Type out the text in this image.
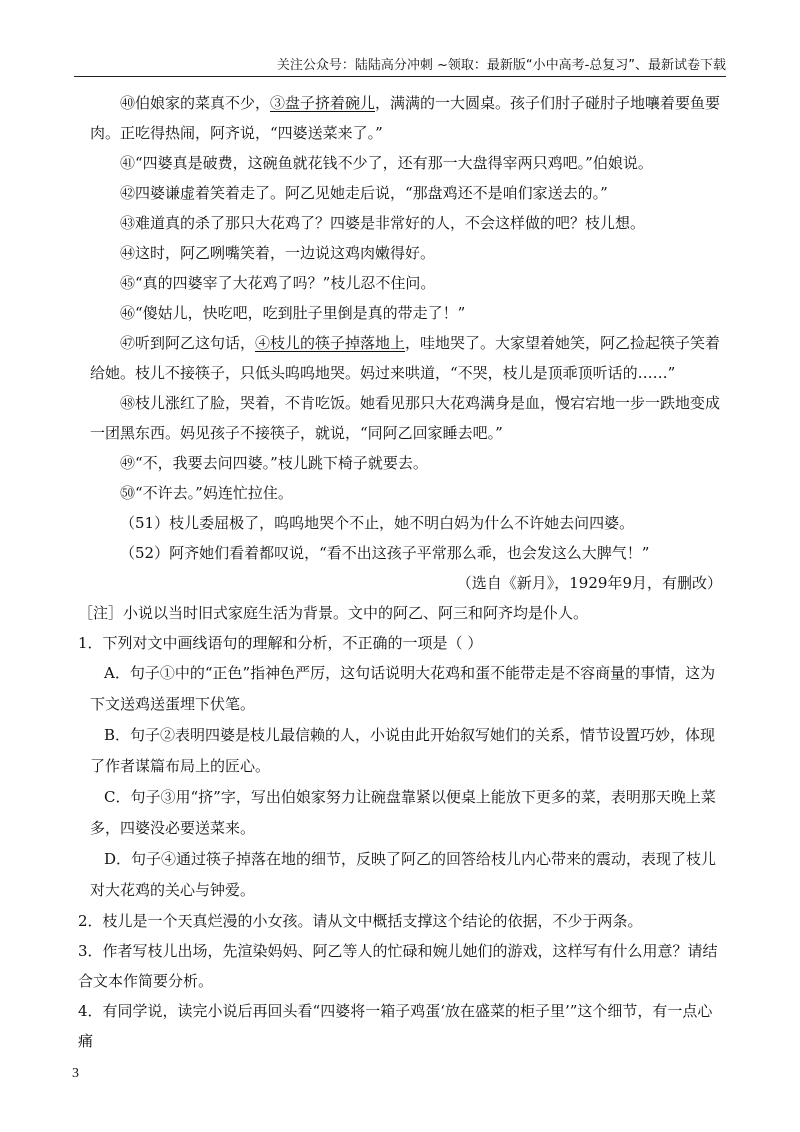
关注公众号：陆陆高分冲刺 ~领取：最新版“小中高考-总复习”、最新试卷下载
㊵伯娘家的菜真不少，③盘子挤着碗儿，满满的一大圆桌。孩子们肘子碰肘子地嚷着要鱼要肉。正吃得热闹，阿齐说，“四婆送菜来了。”
㊶“四婆真是破费，这碗鱼就花钱不少了，还有那一大盘得宰两只鸡吧。”伯娘说。
㊷四婆谦虚着笑着走了。阿乙见她走后说，“那盘鸡还不是咱们家送去的。”
㊸难道真的杀了那只大花鸡了？四婆是非常好的人，不会这样做的吧？枝儿想。
㊹这时，阿乙咧嘴笑着，一边说这鸡肉嫩得好。
㊺“真的四婆宰了大花鸡了吗？”枝儿忍不住问。
㊻“傻姑儿，快吃吧，吃到肚子里倒是真的带走了！”
㊼听到阿乙这句话，④枝儿的筷子掉落地上，哇地哭了。大家望着她笑，阿乙捡起筷子笑着给她。枝儿不接筷子，只低头呜呜地哭。妈过来哄道，“不哭，枝儿是顶乖顶听话的……”
㊽枝儿涨红了脸，哭着，不肯吃饭。她看见那只大花鸡满身是血，慢宕宕地一步一跌地变成一团黑东西。妈见孩子不接筷子，就说，“同阿乙回家睡去吧。”
㊾“不，我要去问四婆。”枝儿跳下椅子就要去。
㊿“不许去。”妈连忙拉住。
（51）枝儿委屈极了，呜呜地哭个不止，她不明白妈为什么不许她去问四婆。
（52）阿齐她们看着都叹说，“看不出这孩子平常那么乖，也会发这么大脾气！”
（选自《新月》，1929年9月，有删改）
［注］小说以当时旧式家庭生活为背景。文中的阿乙、阿三和阿齐均是仆人。
1．下列对文中画线语句的理解和分析，不正确的一项是（ ）
A．句子①中的“正色”指神色严厉，这句话说明大花鸡和蛋不能带走是不容商量的事情，这为下文送鸡送蛋埋下伏笔。
B．句子②表明四婆是枝儿最信赖的人，小说由此开始叙写她们的关系，情节设置巧妙，体现了作者谋篇布局上的匠心。
C．句子③用“挤”字，写出伯娘家努力让碗盘靠紧以便桌上能放下更多的菜，表明那天晚上菜多，四婆没必要送菜来。
D．句子④通过筷子掉落在地的细节，反映了阿乙的回答给枝儿内心带来的震动，表现了枝儿对大花鸡的关心与钟爱。
2．枝儿是一个天真烂漫的小女孩。请从文中概括支撑这个结论的依据，不少于两条。
3．作者写枝儿出场，先渲染妈妈、阿乙等人的忙碌和婉儿她们的游戏，这样写有什么用意？请结合文本作简要分析。
4．有同学说，读完小说后再回头看“四婆将一箱子鸡蛋‘放在盛菜的柜子里’”这个细节，有一点心痛
3
